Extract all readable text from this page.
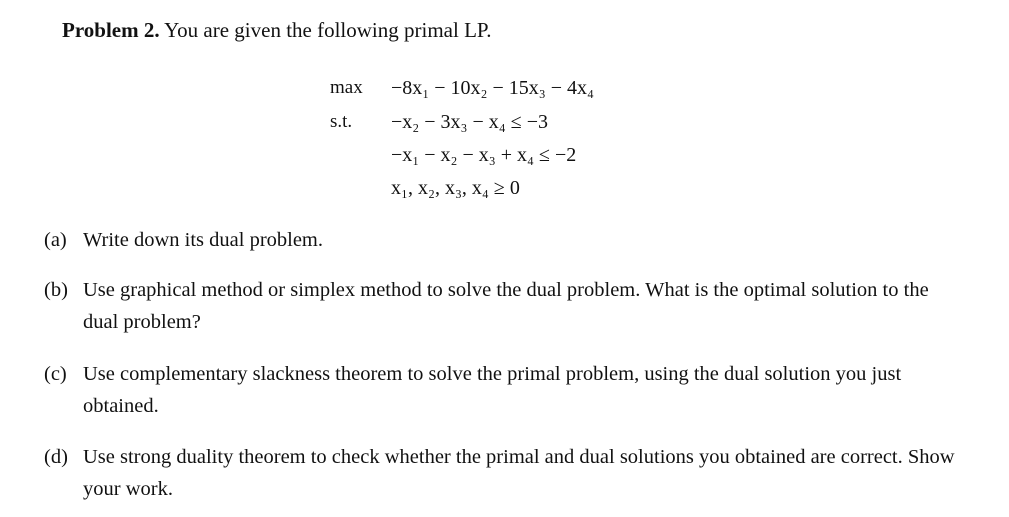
Problem 2. You are given the following primal LP.
max −8x₁ − 10x₂ − 15x₃ − 4x₄
s.t. −x₂ − 3x₃ − x₄ ≤ −3
−x₁ − x₂ − x₃ + x₄ ≤ −2
x₁, x₂, x₃, x₄ ≥ 0
(a) Write down its dual problem.
(b) Use graphical method or simplex method to solve the dual problem. What is the optimal solution to the dual problem?
(c) Use complementary slackness theorem to solve the primal problem, using the dual solution you just obtained.
(d) Use strong duality theorem to check whether the primal and dual solutions you obtained are correct. Show your work.
